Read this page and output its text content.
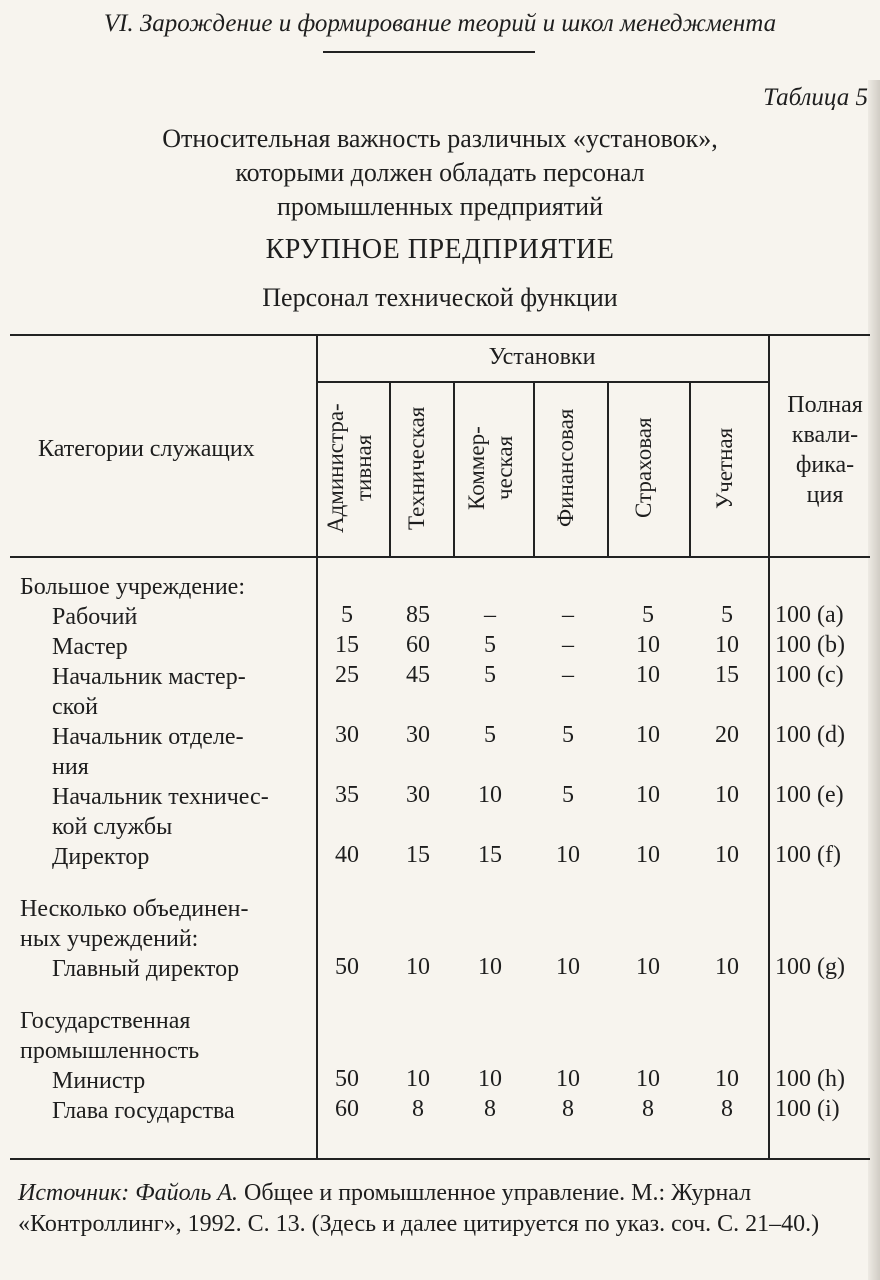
VI. Зарождение и формирование теорий и школ менеджмента
Таблица 5
Относительная важность различных «установок»,
которыми должен обладать персонал
промышленных предприятий
КРУПНОЕ ПРЕДПРИЯТИЕ
Персонал технической функции
Категории служащих
Установки
Полная
квали-
фика-
ция
Администра- тивная	Техническая	Коммер- ческая	Финансовая	Страховая	Учетная
Большое учреждение:
Рабочий	5	85	–	–	5	5	100 (a)
Мастер	15	60	5	–	10	10	100 (b)
Начальник мастер-
ской
25	45	5	–	10	15	100 (c)
Начальник отделе-
ния
30	30	5	5	10	20	100 (d)
Начальник техничес-
кой службы
35	30	10	5	10	10	100 (e)
Директор	40	15	15	10	10	10	100 (f)
Несколько объединен-
ных учреждений:
Главный директор	50	10	10	10	10	10	100 (g)
Государственная
промышленность
Министр	50	10	10	10	10	10	100 (h)
Глава государства	60	8	8	8	8	8	100 (i)
Источник: Файоль А. Общее и промышленное управление. М.: Журнал «Контроллинг», 1992. С. 13. (Здесь и далее цитируется по указ. соч. С. 21–40.)
